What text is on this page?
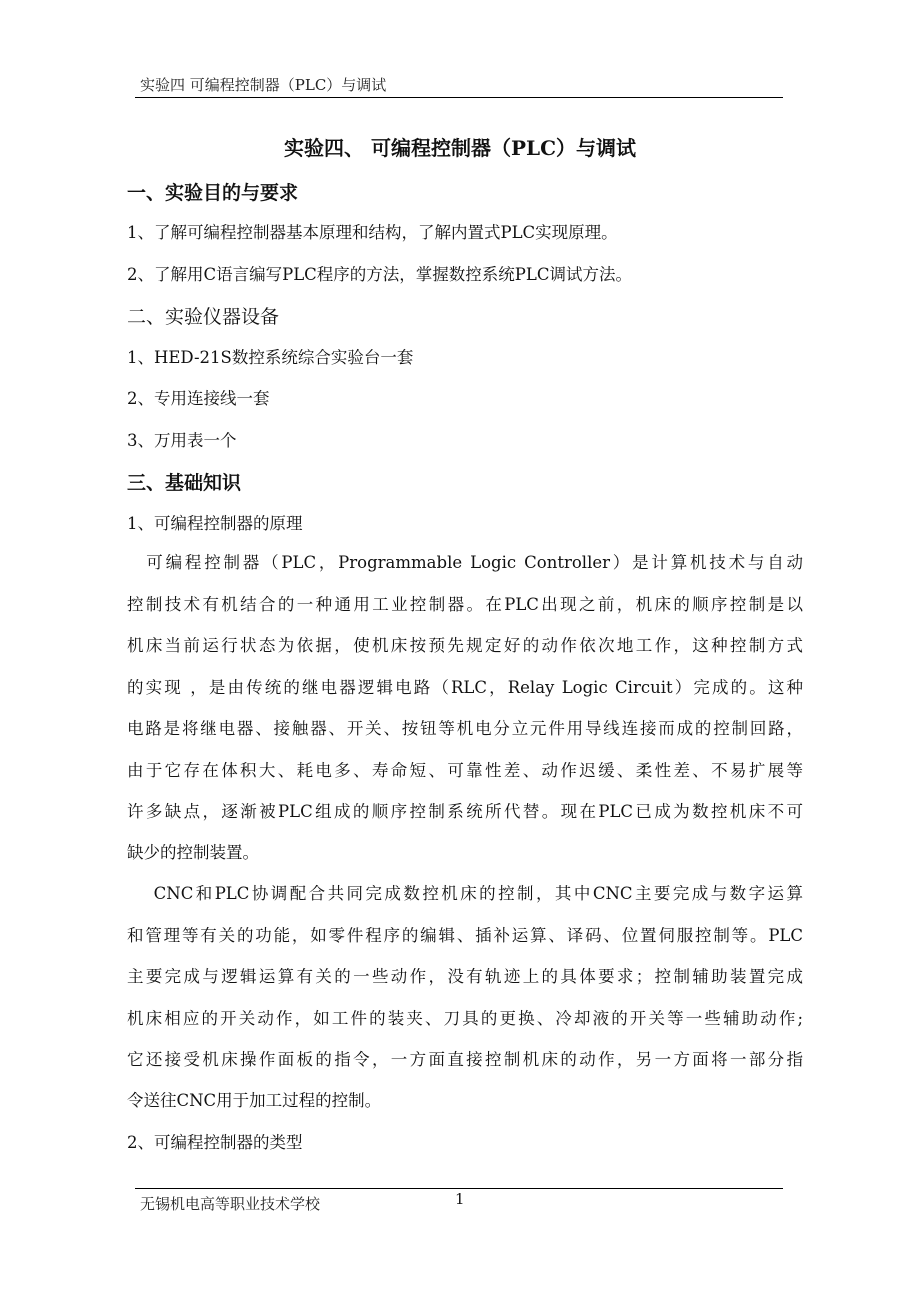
实验四 可编程控制器（PLC）与调试
实验四、 可编程控制器（PLC）与调试
一、实验目的与要求
1、了解可编程控制器基本原理和结构，了解内置式PLC实现原理。
2、了解用C语言编写PLC程序的方法，掌握数控系统PLC调试方法。
二、实验仪器设备
1、HED-21S数控系统综合实验台一套
2、专用连接线一套
3、万用表一个
三、基础知识
1、可编程控制器的原理
　可编程控制器（PLC，Programmable Logic Controller）是计算机技术与自动
控制技术有机结合的一种通用工业控制器。在PLC出现之前，机床的顺序控制是以
机床当前运行状态为依据，使机床按预先规定好的动作依次地工作，这种控制方式
的实现 ，是由传统的继电器逻辑电路（RLC，Relay Logic Circuit）完成的。这种
电路是将继电器、接触器、开关、按钮等机电分立元件用导线连接而成的控制回路，
由于它存在体积大、耗电多、寿命短、可靠性差、动作迟缓、柔性差、不易扩展等
许多缺点，逐渐被PLC组成的顺序控制系统所代替。现在PLC已成为数控机床不可
缺少的控制装置。
　 CNC和PLC协调配合共同完成数控机床的控制，其中CNC主要完成与数字运算
和管理等有关的功能，如零件程序的编辑、插补运算、译码、位置伺服控制等。PLC
主要完成与逻辑运算有关的一些动作，没有轨迹上的具体要求；控制辅助装置完成
机床相应的开关动作，如工件的装夹、刀具的更换、冷却液的开关等一些辅助动作;
它还接受机床操作面板的指令，一方面直接控制机床的动作，另一方面将一部分指
令送往CNC用于加工过程的控制。
2、可编程控制器的类型
无锡机电高等职业技术学校	1
